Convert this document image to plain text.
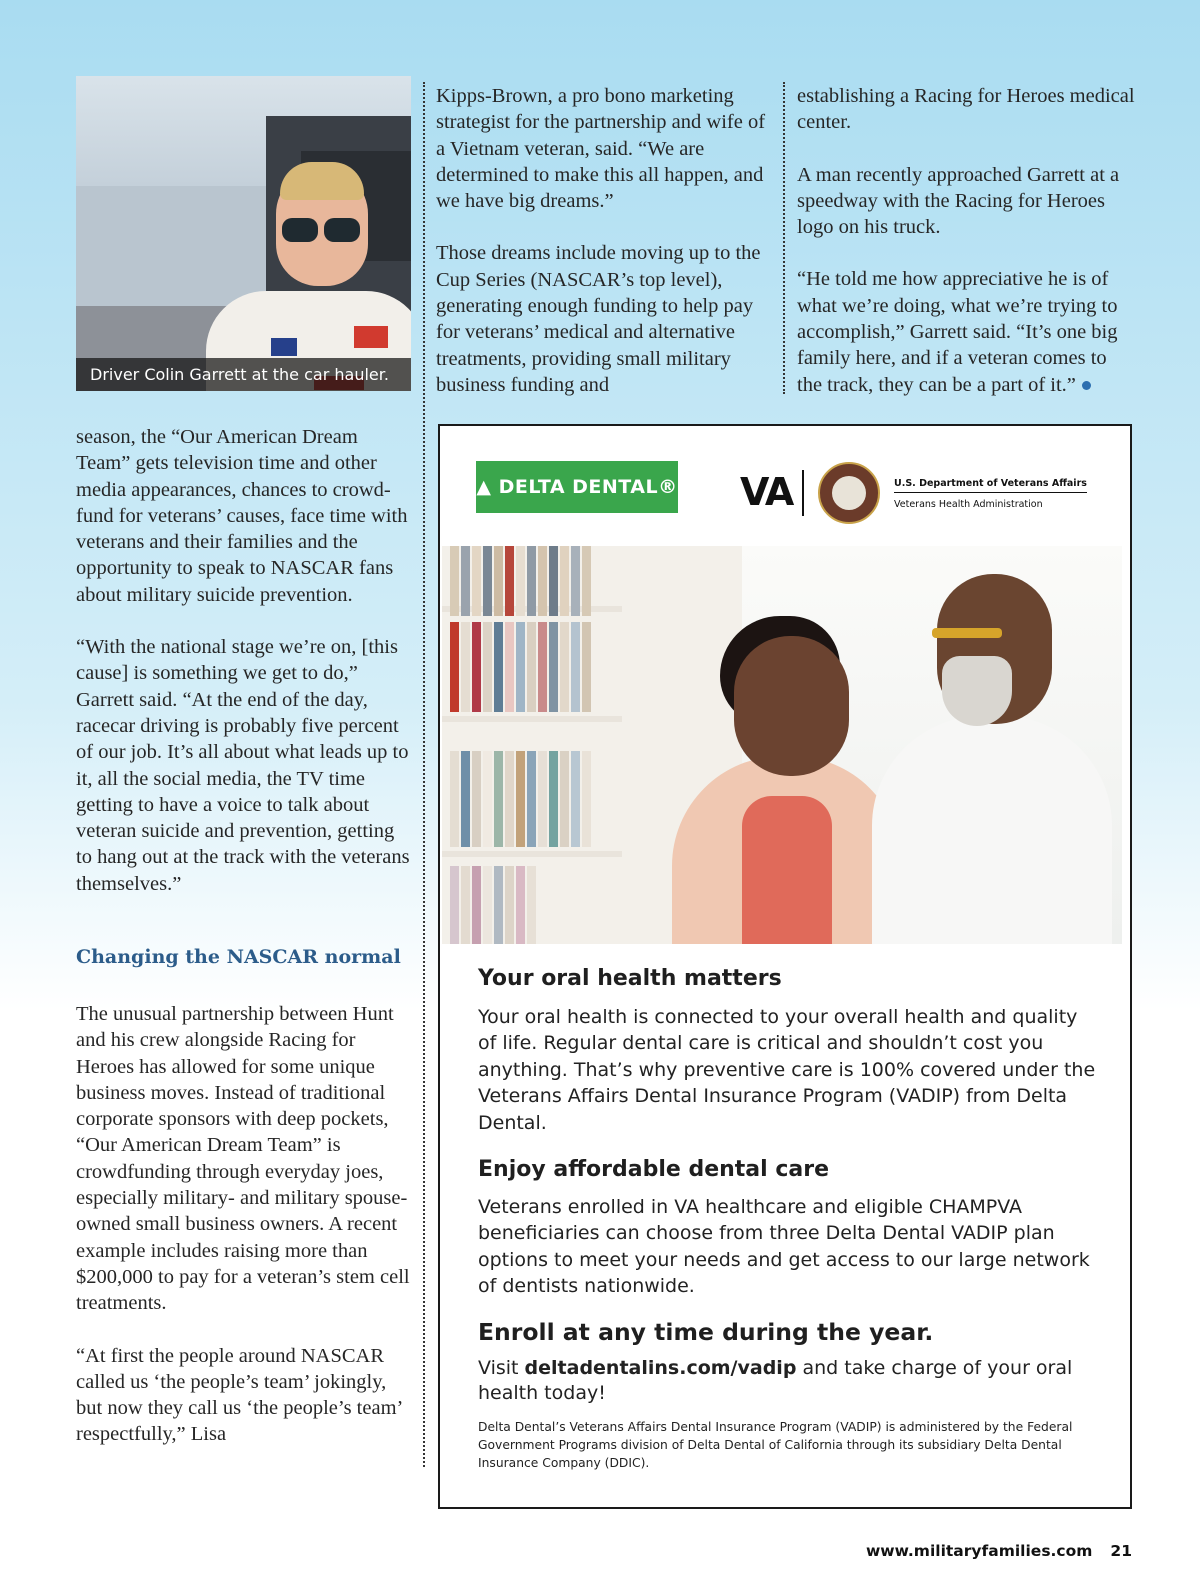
Driver Colin Garrett at the car hauler.

Kipps-Brown, a pro bono marketing strategist for the partnership and wife of a Vietnam veteran, said. “We are determined to make this all happen, and we have big dreams.”

Those dreams include moving up to the Cup Series (NASCAR’s top level), generating enough funding to help pay for veterans’ medical and alternative treatments, providing small military business funding and

establishing a Racing for Heroes medical center.

A man recently approached Garrett at a speedway with the Racing for Heroes logo on his truck.

“He told me how appreciative he is of what we’re doing, what we’re trying to accomplish,” Garrett said. “It’s one big family here, and if a veteran comes to the track, they can be a part of it.”

season, the “Our American Dream Team” gets television time and other media appearances, chances to crowd-fund for veterans’ causes, face time with veterans and their families and the opportunity to speak to NASCAR fans about military suicide prevention.

“With the national stage we’re on, [this cause] is something we get to do,” Garrett said. “At the end of the day, racecar driving is probably five percent of our job. It’s all about what leads up to it, all the social media, the TV time getting to have a voice to talk about veteran suicide and prevention, getting to hang out at the track with the veterans themselves.”

Changing the NASCAR normal

The unusual partnership between Hunt and his crew alongside Racing for Heroes has allowed for some unique business moves. Instead of traditional corporate sponsors with deep pockets, “Our American Dream Team” is crowdfunding through everyday joes, especially military- and military spouse-owned small business owners. A recent example includes raising more than $200,000 to pay for a veteran’s stem cell treatments.

“At first the people around NASCAR called us ‘the people’s team’ jokingly, but now they call us ‘the people’s team’ respectfully,” Lisa

▲ DELTA DENTAL® VA	U.S. Department of Veterans Affairs
Veterans Health Administration
Your oral health matters
Your oral health is connected to your overall health and quality of life. Regular dental care is critical and shouldn’t cost you anything. That’s why preventive care is 100% covered under the Veterans Affairs Dental Insurance Program (VADIP) from Delta Dental.
Enjoy affordable dental care
Veterans enrolled in VA healthcare and eligible CHAMPVA beneficiaries can choose from three Delta Dental VADIP plan options to meet your needs and get access to our large network of dentists nationwide.
Enroll at any time during the year.
Visit deltadentalins.com/vadip and take charge of your oral health today!
Delta Dental’s Veterans Affairs Dental Insurance Program (VADIP) is administered by the Federal Government Programs division of Delta Dental of California through its subsidiary Delta Dental Insurance Company (DDIC).
www.militaryfamilies.com 21
